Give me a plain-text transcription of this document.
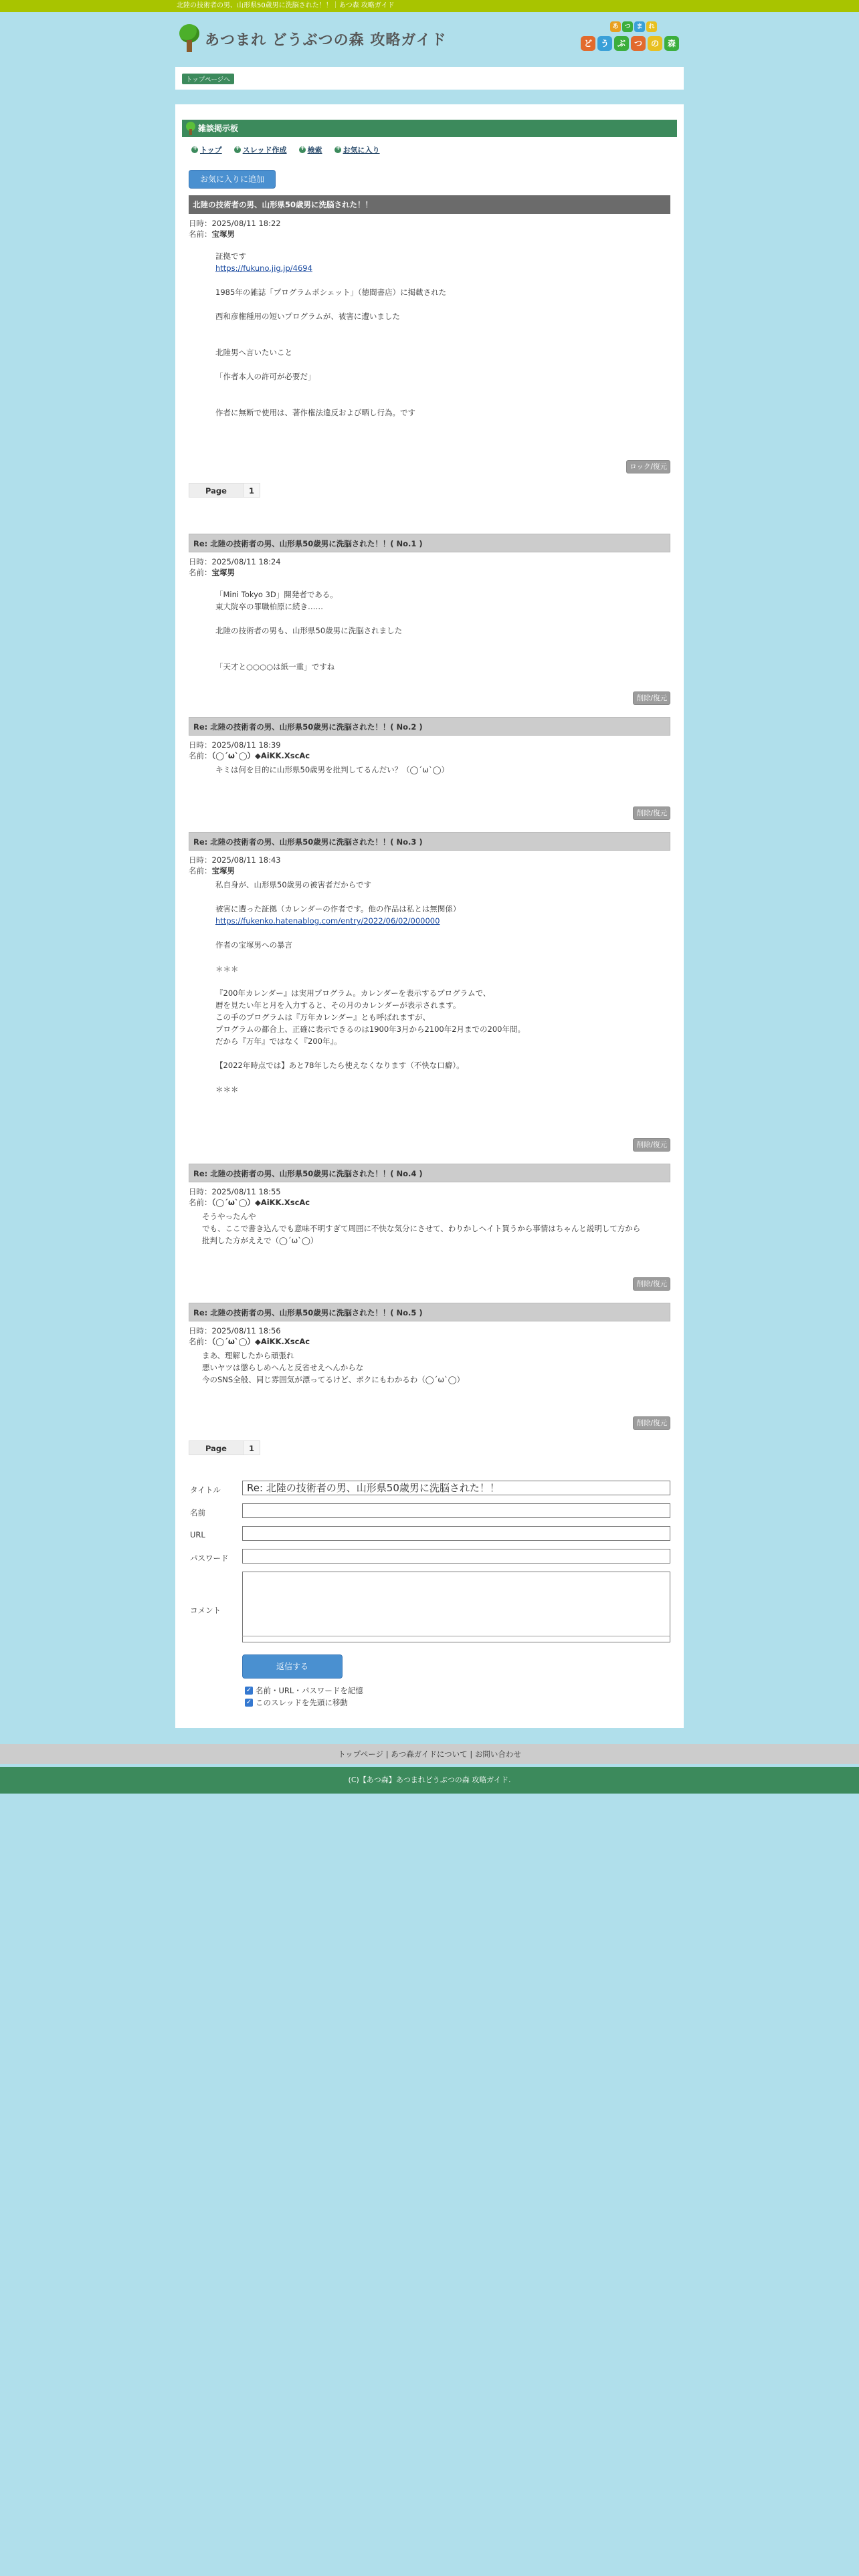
北陸の技術者の男、山形県50歳男に洗脳された！！｜あつ森 攻略ガイド
あつまれ どうぶつの森 攻略ガイド
あ つ ま れ
ど	う	ぶ	つ	の	森
トップページへ
雑談掲示板
+
トップ +	スレッド作成 +	検索 +	お気に入り
お気に入りに追加
北陸の技術者の男、山形県50歳男に洗脳された！！
日時：2025/08/11 18:22
名前：宝塚男
証拠です
https://fukuno.jig.jp/4694

1985年の雑誌「プログラムポシェット」（徳間書店）に掲載された

西和彦権種用の短いプログラムが、被害に遭いました

北陸男へ言いたいこと

「作者本人の許可が必要だ」

作者に無断で使用は、著作権法違反および晒し行為。です
ロック/復元
Page	1
Re: 北陸の技術者の男、山形県50歳男に洗脳された！！( No.1 )
日時：2025/08/11 18:24
名前：宝塚男
「Mini Tokyo 3D」開発者である。
東大院卒の罪職柏原に続き……

北陸の技術者の男も、山形県50歳男に洗脳されました

「天才と○○○○は紙一重」ですね
削除/復元
Re: 北陸の技術者の男、山形県50歳男に洗脳された！！( No.2 )
日時：2025/08/11 18:39
名前：（◯´ω`◯）◆AiKK.XscAc
キミは何を目的に山形県50歳男を批判してるんだい？（◯´ω`◯）
削除/復元
Re: 北陸の技術者の男、山形県50歳男に洗脳された！！( No.3 )
日時：2025/08/11 18:43
名前：宝塚男
私自身が、山形県50歳男の被害者だからです

被害に遭った証拠（カレンダーの作者です。他の作品は私とは無関係）
https://fukenko.hatenablog.com/entry/2022/06/02/000000

作者の宝塚男への暴言

＊＊＊

『200年カレンダー』は実用プログラム。カレンダーを表示するプログラムで、
暦を見たい年と月を入力すると、その月のカレンダーが表示されます。
この手のプログラムは『万年カレンダー』とも呼ばれますが、
プログラムの都合上、正確に表示できるのは1900年3月から2100年2月までの200年間。
だから『万年』ではなく『200年』。

【2022年時点では】あと78年したら使えなくなります（不快な口癖）。

＊＊＊
削除/復元
Re: 北陸の技術者の男、山形県50歳男に洗脳された！！( No.4 )
日時：2025/08/11 18:55
名前：（◯´ω`◯）◆AiKK.XscAc
そうやったんや
でも、ここで書き込んでも意味不明すぎて周囲に不快な気分にさせて、わりかしヘイト買うから事情はちゃんと説明して方から
批判した方がええで（◯´ω`◯）
削除/復元
Re: 北陸の技術者の男、山形県50歳男に洗脳された！！( No.5 )
日時：2025/08/11 18:56
名前：（◯´ω`◯）◆AiKK.XscAc
まあ、理解したから頑張れ
悪いヤツは懲らしめへんと反省せえへんからな
今のSNS全般、同じ雰囲気が漂ってるけど、ボクにもわかるわ（◯´ω`◯）
削除/復元
Page	1
タイトル	Re: 北陸の技術者の男、山形県50歳男に洗脳された！！
名前
URL
パスワード
コメント
返信する
✓ 名前・URL・パスワードを記憶
✓ このスレッドを先頭に移動
トップページ | あつ森ガイドについて | お問い合わせ
(C)【あつ森】あつまれどうぶつの森 攻略ガイド.
